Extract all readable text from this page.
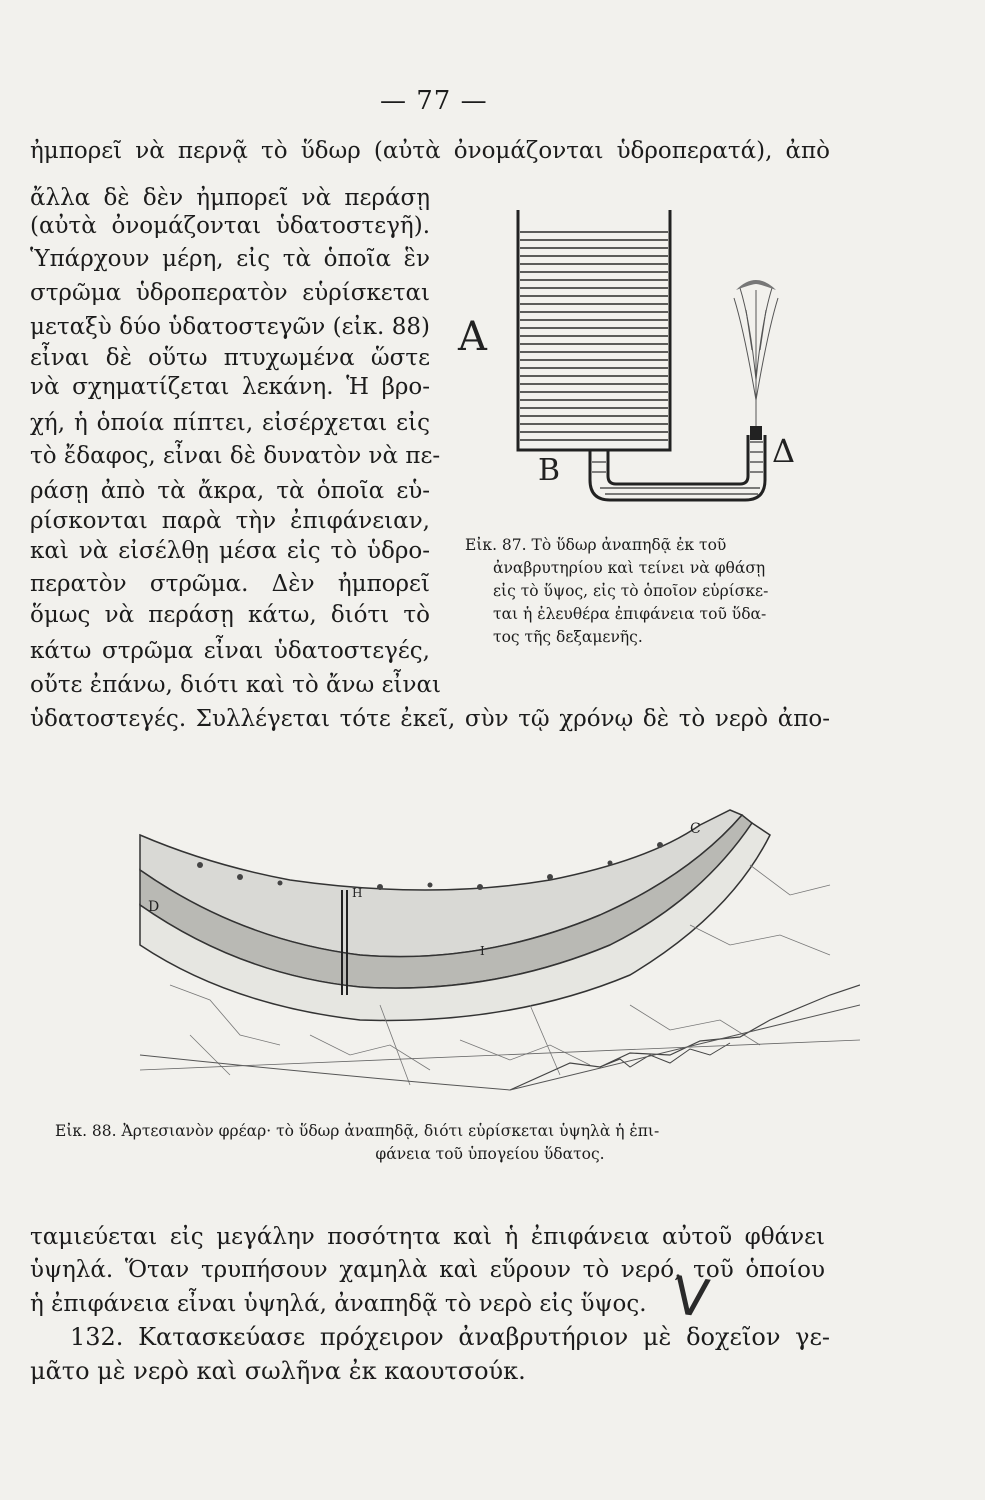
— 77 —
ἠμπορεῖ νὰ περνᾷ τὸ ὕδωρ (αὐτὰ ὀνομάζονται ὑδροπερατά), ἀπὸ
ἄλλα δὲ δὲν ἠμπορεῖ νὰ περάσῃ
(αὐτὰ ὀνομάζονται ὑδατοστεγῆ).
Ὑπάρχουν μέρη, εἰς τὰ ὁποῖα ἓν
στρῶμα ὑδροπερατὸν εὑρίσκεται
μεταξὺ δύο ὑδατοστεγῶν (εἰκ. 88)
εἶναι δὲ οὕτω πτυχωμένα ὥστε
νὰ σχηματίζεται λεκάνη. Ἡ βρο-
χή, ἡ ὁποία πίπτει, εἰσέρχεται εἰς
τὸ ἔδαφος, εἶναι δὲ δυνατὸν νὰ πε-
ράσῃ ἀπὸ τὰ ἄκρα, τὰ ὁποῖα εὑ-
ρίσκονται παρὰ τὴν ἐπιφάνειαν,
καὶ νὰ εἰσέλθῃ μέσα εἰς τὸ ὑδρο-
περατὸν στρῶμα. Δὲν ἠμπορεῖ
ὅμως νὰ περάσῃ κάτω, διότι τὸ
κάτω στρῶμα εἶναι ὑδατοστεγές,
οὔτε ἐπάνω, διότι καὶ τὸ ἄνω εἶναι
ὑδατοστεγές. Συλλέγεται τότε ἐκεῖ, σὺν τῷ χρόνῳ δὲ τὸ νερὸ ἀπο-
Α
Β
Δ
Εἰκ. 87. Τὸ ὕδωρ ἀναπηδᾷ ἐκ τοῦ
ἀναβρυτηρίου καὶ τείνει νὰ φθάσῃ
εἰς τὸ ὕψος, εἰς τὸ ὁποῖον εὑρίσκε-
ται ἡ ἐλευθέρα ἐπιφάνεια τοῦ ὕδα-
τος τῆς δεξαμενῆς.
C
D
H
I
Εἰκ. 88. Ἀρτεσιανὸν φρέαρ· τὸ ὕδωρ ἀναπηδᾷ, διότι εὑρίσκεται ὑψηλὰ ἡ ἐπι-
φάνεια τοῦ ὑπογείου ὕδατος.
ταμιεύεται εἰς μεγάλην ποσότητα καὶ ἡ ἐπιφάνεια αὐτοῦ φθάνει
ὑψηλά. Ὅταν τρυπήσουν χαμηλὰ καὶ εὕρουν τὸ νερό, τοῦ ὁποίου
ἡ ἐπιφάνεια εἶναι ὑψηλά, ἀναπηδᾷ τὸ νερὸ εἰς ὕψος.
132. Κατασκεύασε πρόχειρον ἀναβρυτήριον μὲ δοχεῖον γε-
μᾶτο μὲ νερὸ καὶ σωλῆνα ἐκ καουτσούκ.
V
